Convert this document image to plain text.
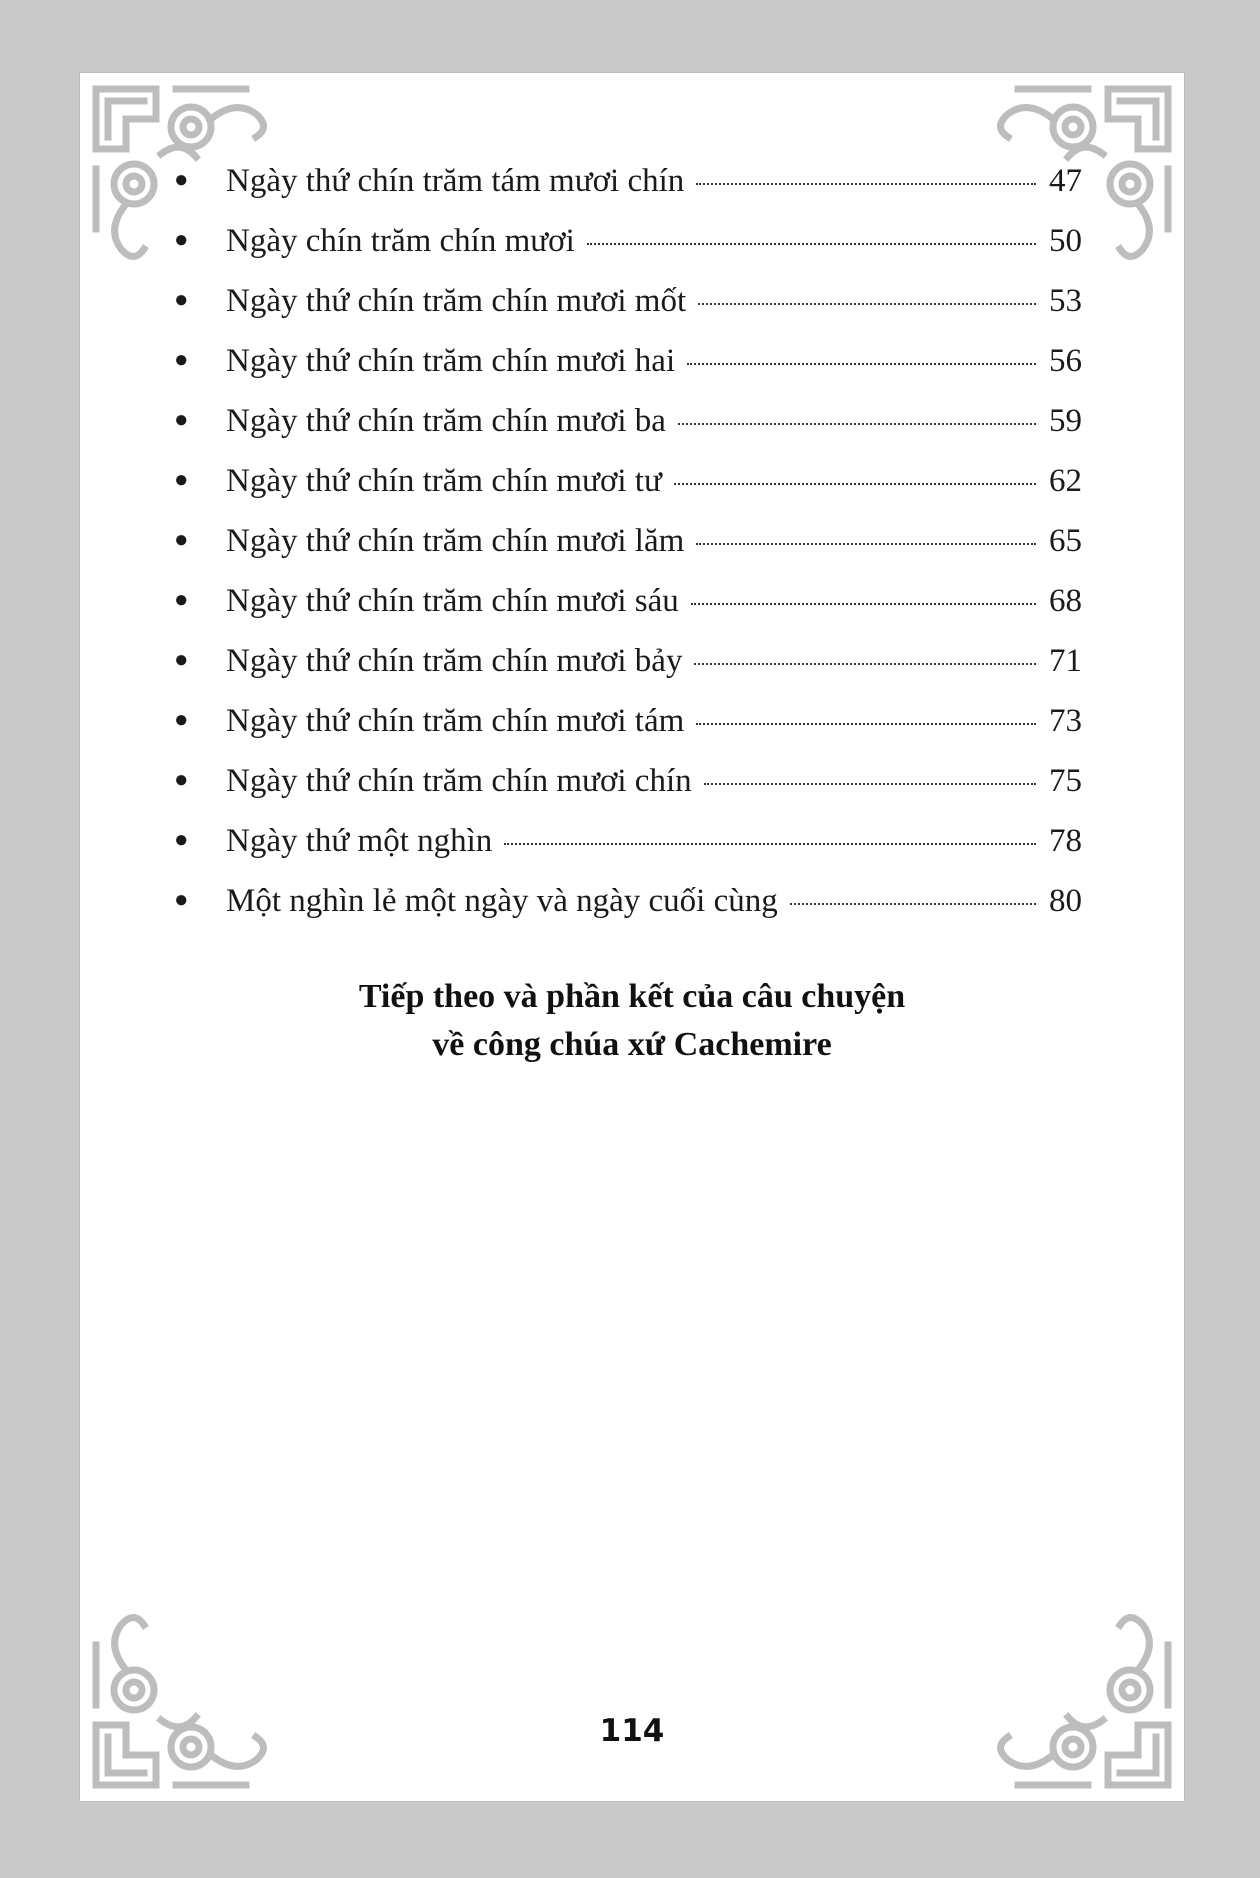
●	Ngày thứ chín trăm tám mươi chín	47
●	Ngày chín trăm chín mươi	50
●	Ngày thứ chín trăm chín mươi mốt	53
●	Ngày thứ chín trăm chín mươi hai	56
●	Ngày thứ chín trăm chín mươi ba	59
●	Ngày thứ chín trăm chín mươi tư	62
●	Ngày thứ chín trăm chín mươi lăm	65
●	Ngày thứ chín trăm chín mươi sáu	68
●	Ngày thứ chín trăm chín mươi bảy	71
●	Ngày thứ chín trăm chín mươi tám	73
●	Ngày thứ chín trăm chín mươi chín	75
●	Ngày thứ một nghìn	78
●	Một nghìn lẻ một ngày và ngày cuối cùng	80
Tiếp theo và phần kết của câu chuyện
về công chúa xứ Cachemire
114
